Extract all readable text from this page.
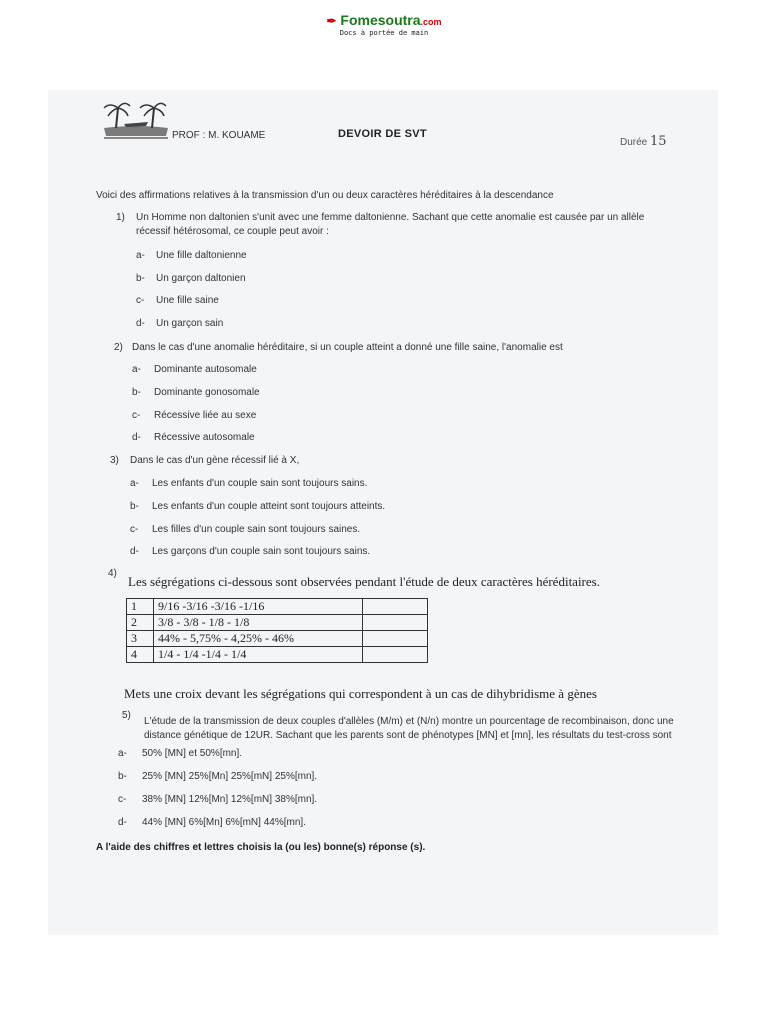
✒ Fomesoutra.com
Docs à portée de main
PROF : M. KOUAME	DEVOIR DE SVT
Durée 15
Voici des affirmations relatives à la transmission d'un ou deux caractères héréditaires à la descendance
1) Un Homme non daltonien s'unit avec une femme daltonienne. Sachant que cette anomalie est causée par un allèle
récessif hétérosomal, ce couple peut avoir :
a- Une fille daltonienne
b- Un garçon daltonien
c- Une fille saine
d- Un garçon sain
2) Dans le cas d'une anomalie héréditaire, si un couple atteint a donné une fille saine, l'anomalie est
a- Dominante autosomale
b- Dominante gonosomale
c- Récessive liée au sexe
d- Récessive autosomale
3) Dans le cas d'un gène récessif lié à X,
a- Les enfants d'un couple sain sont toujours sains.
b- Les enfants d'un couple atteint sont toujours atteints.
c- Les filles d'un couple sain sont toujours saines.
d- Les garçons d'un couple sain sont toujours sains.
4)
Les ségrégations ci-dessous sont observées pendant l'étude de deux caractères héréditaires.
1	9/16 -3/16 -3/16 -1/16	
2	3/8 - 3/8 - 1/8 - 1/8	
3	44% - 5,75% - 4,25% - 46%	
4	1/4 - 1/4 -1/4 - 1/4	
Mets une croix devant les ségrégations qui correspondent à un cas de dihybridisme à gènes
5)
L'étude de la transmission de deux couples d'allèles (M/m) et (N/n) montre un pourcentage de recombinaison, donc une
distance génétique de 12UR. Sachant que les parents sont de phénotypes [MN] et [mn], les résultats du test-cross sont
a- 50% [MN] et 50%[mn].
b- 25% [MN] 25%[Mn] 25%[mN] 25%[mn].
c- 38% [MN] 12%[Mn] 12%[mN] 38%[mn].
d- 44% [MN] 6%[Mn] 6%[mN] 44%[mn].
A l'aide des chiffres et lettres choisis la (ou les) bonne(s) réponse (s).
